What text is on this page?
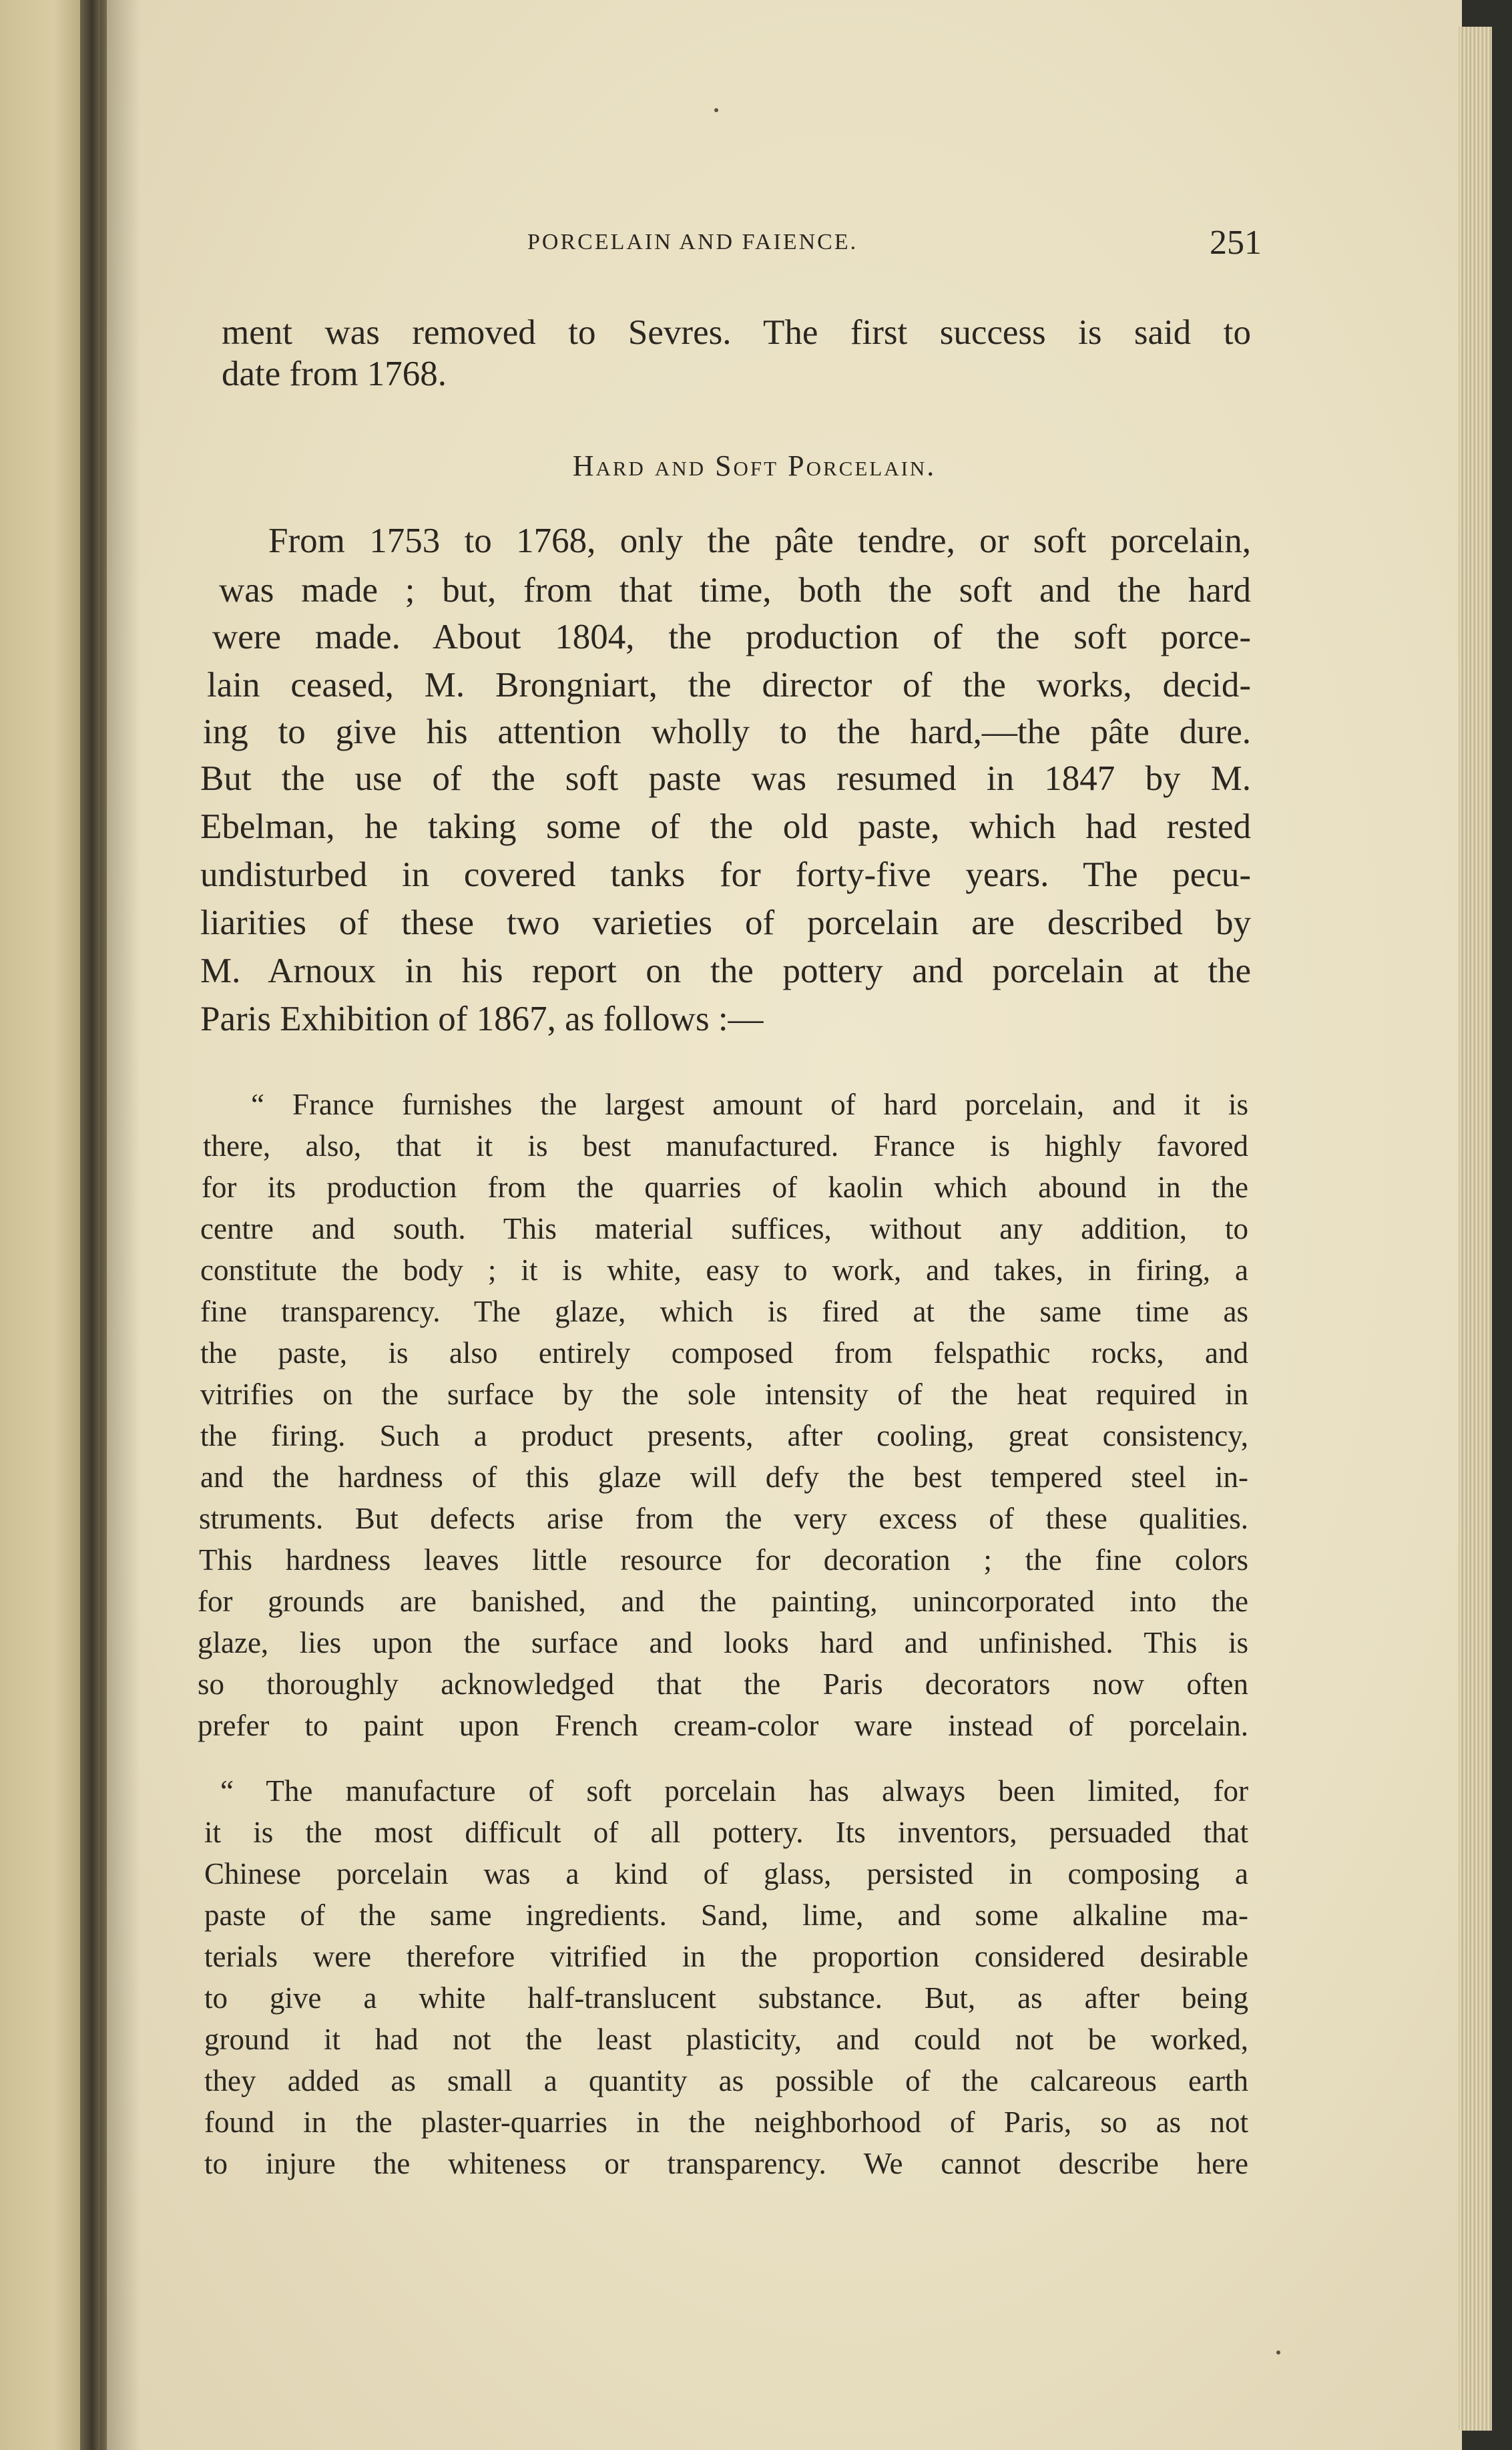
PORCELAIN AND FAIENCE.	251
ment was removed to Sevres. The first success is said to
date from 1768.
Hard and Soft Porcelain.
From 1753 to 1768, only the pâte tendre, or soft porcelain,
was made ; but, from that time, both the soft and the hard
were made. About 1804, the production of the soft porce-
lain ceased, M. Brongniart, the director of the works, decid-
ing to give his attention wholly to the hard,—the pâte dure.
But the use of the soft paste was resumed in 1847 by M.
Ebelman, he taking some of the old paste, which had rested
undisturbed in covered tanks for forty-five years. The pecu-
liarities of these two varieties of porcelain are described by
M. Arnoux in his report on the pottery and porcelain at the
Paris Exhibition of 1867, as follows :—
“ France furnishes the largest amount of hard porcelain, and it is
there, also, that it is best manufactured. France is highly favored
for its production from the quarries of kaolin which abound in the
centre and south. This material suffices, without any addition, to
constitute the body ; it is white, easy to work, and takes, in firing, a
fine transparency. The glaze, which is fired at the same time as
the paste, is also entirely composed from felspathic rocks, and
vitrifies on the surface by the sole intensity of the heat required in
the firing. Such a product presents, after cooling, great consistency,
and the hardness of this glaze will defy the best tempered steel in-
struments. But defects arise from the very excess of these qualities.
This hardness leaves little resource for decoration ; the fine colors
for grounds are banished, and the painting, unincorporated into the
glaze, lies upon the surface and looks hard and unfinished. This is
so thoroughly acknowledged that the Paris decorators now often
prefer to paint upon French cream-color ware instead of porcelain.
“ The manufacture of soft porcelain has always been limited, for
it is the most difficult of all pottery. Its inventors, persuaded that
Chinese porcelain was a kind of glass, persisted in composing a
paste of the same ingredients. Sand, lime, and some alkaline ma-
terials were therefore vitrified in the proportion considered desirable
to give a white half-translucent substance. But, as after being
ground it had not the least plasticity, and could not be worked,
they added as small a quantity as possible of the calcareous earth
found in the plaster-quarries in the neighborhood of Paris, so as not
to injure the whiteness or transparency. We cannot describe here
